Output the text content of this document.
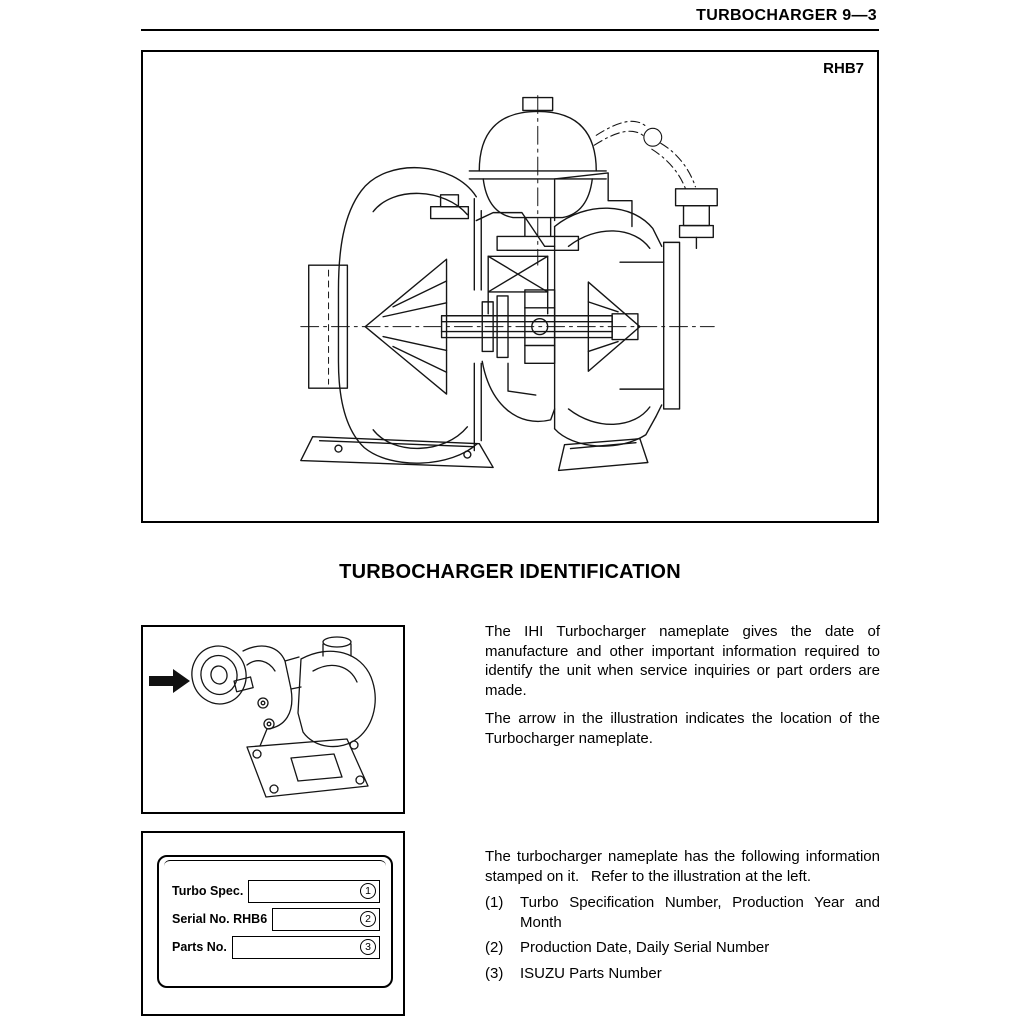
TURBOCHARGER 9—3
RHB7
TURBOCHARGER IDENTIFICATION

The IHI Turbocharger nameplate gives the date of manufacture and other important information required to identify the unit when service inquiries or part orders are made.

The arrow in the illustration indicates the location of the Turbocharger nameplate.

Turbo Spec.	1
Serial No. RHB6	2
Parts No.	3

The turbocharger nameplate has the following information stamped on it.  Refer to the illustration at the left.

(1)	Turbo Specification Number, Production Year and Month
(2)	Production Date, Daily Serial Number
(3)	ISUZU Parts Number
